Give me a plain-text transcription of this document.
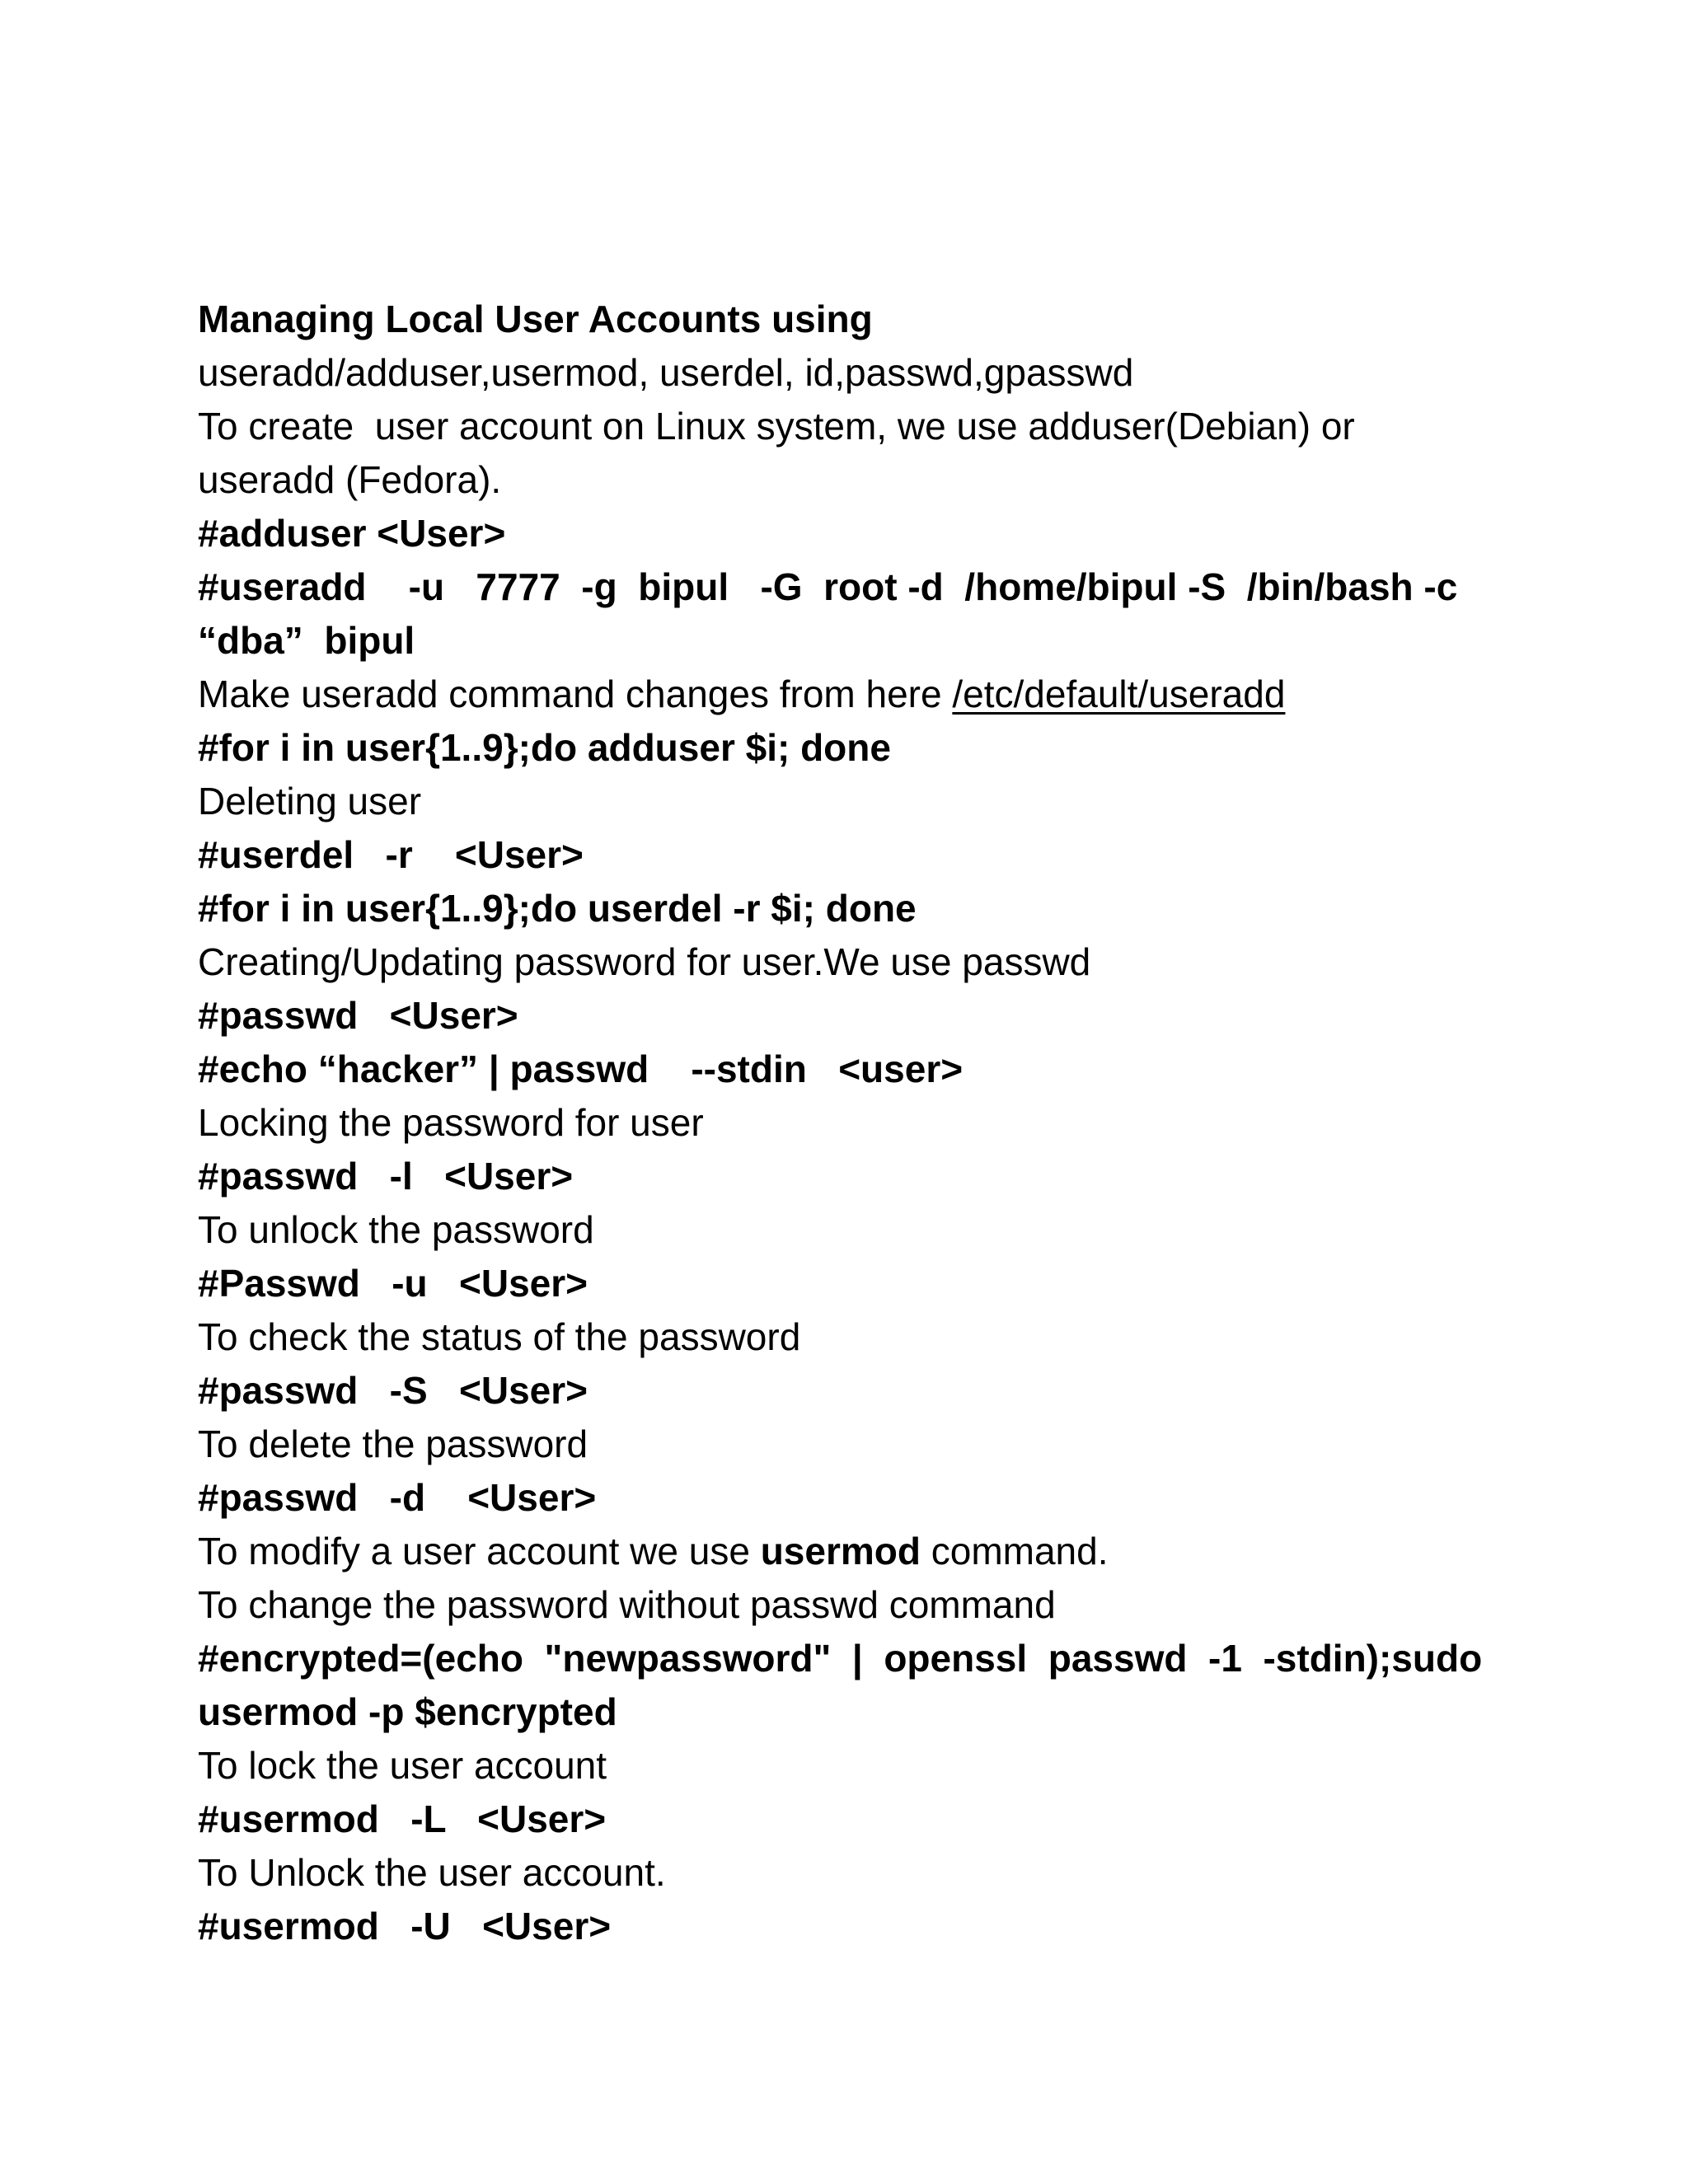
Managing Local User Accounts using

useradd/adduser,usermod, userdel, id,passwd,gpasswd

To create  user account on Linux system, we use adduser(Debian) or useradd (Fedora).

#adduser <User>

#useradd    -u   7777  -g  bipul   -G  root -d  /home/bipul -S  /bin/bash -c “dba”  bipul

Make useradd command changes from here /etc/default/useradd

#for i in user{1..9};do adduser $i; done

Deleting user

#userdel   -r    <User>

#for i in user{1..9};do userdel -r $i; done

Creating/Updating password for user.We use passwd

#passwd   <User>

#echo “hacker” | passwd    --stdin   <user>

Locking the password for user

#passwd   -l   <User>

To unlock the password

#Passwd   -u   <User>

To check the status of the password

#passwd   -S   <User>

To delete the password

#passwd   -d    <User>

To modify a user account we use usermod command.

To change the password without passwd command

#encrypted=(echo  "newpassword"  |  openssl  passwd  -1  -stdin);sudo usermod -p $encrypted

To lock the user account

#usermod   -L   <User>

To Unlock the user account.

#usermod   -U   <User>
